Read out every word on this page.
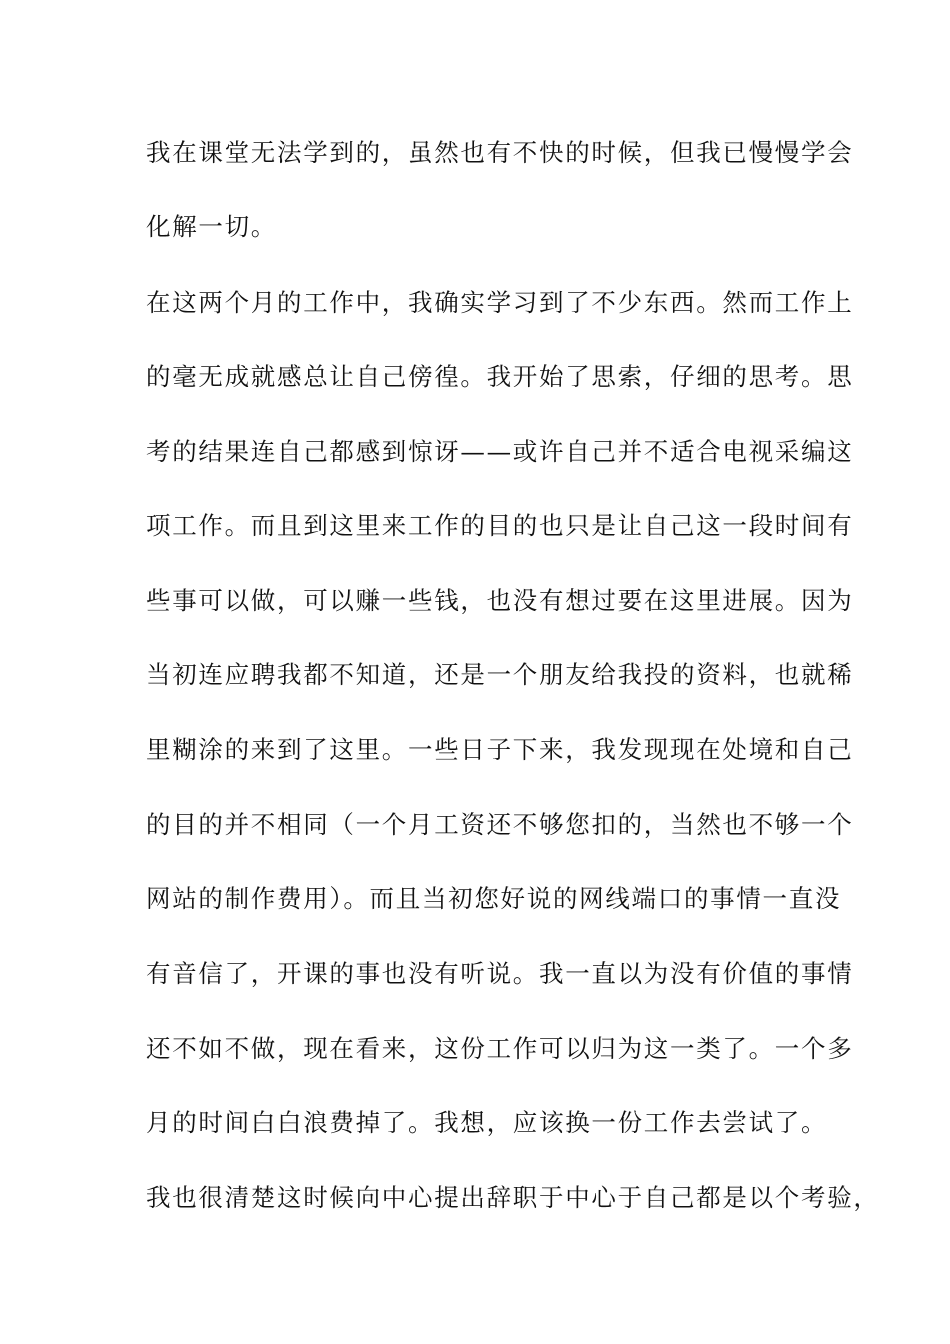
我在课堂无法学到的，虽然也有不快的时候，但我已慢慢学会

化解一切。

在这两个月的工作中，我确实学习到了不少东西。然而工作上

的毫无成就感总让自己傍徨。我开始了思索，仔细的思考。思

考的结果连自己都感到惊讶——或许自己并不适合电视采编这

项工作。而且到这里来工作的目的也只是让自己这一段时间有

些事可以做，可以赚一些钱，也没有想过要在这里进展。因为

当初连应聘我都不知道，还是一个朋友给我投的资料，也就稀

里糊涂的来到了这里。一些日子下来，我发现现在处境和自己

的目的并不相同（一个月工资还不够您扣的，当然也不够一个

网站的制作费用）。而且当初您好说的网线端口的事情一直没

有音信了，开课的事也没有听说。我一直以为没有价值的事情

还不如不做，现在看来，这份工作可以归为这一类了。一个多

月的时间白白浪费掉了。我想，应该换一份工作去尝试了。

我也很清楚这时候向中心提出辞职于中心于自己都是以个考验，
